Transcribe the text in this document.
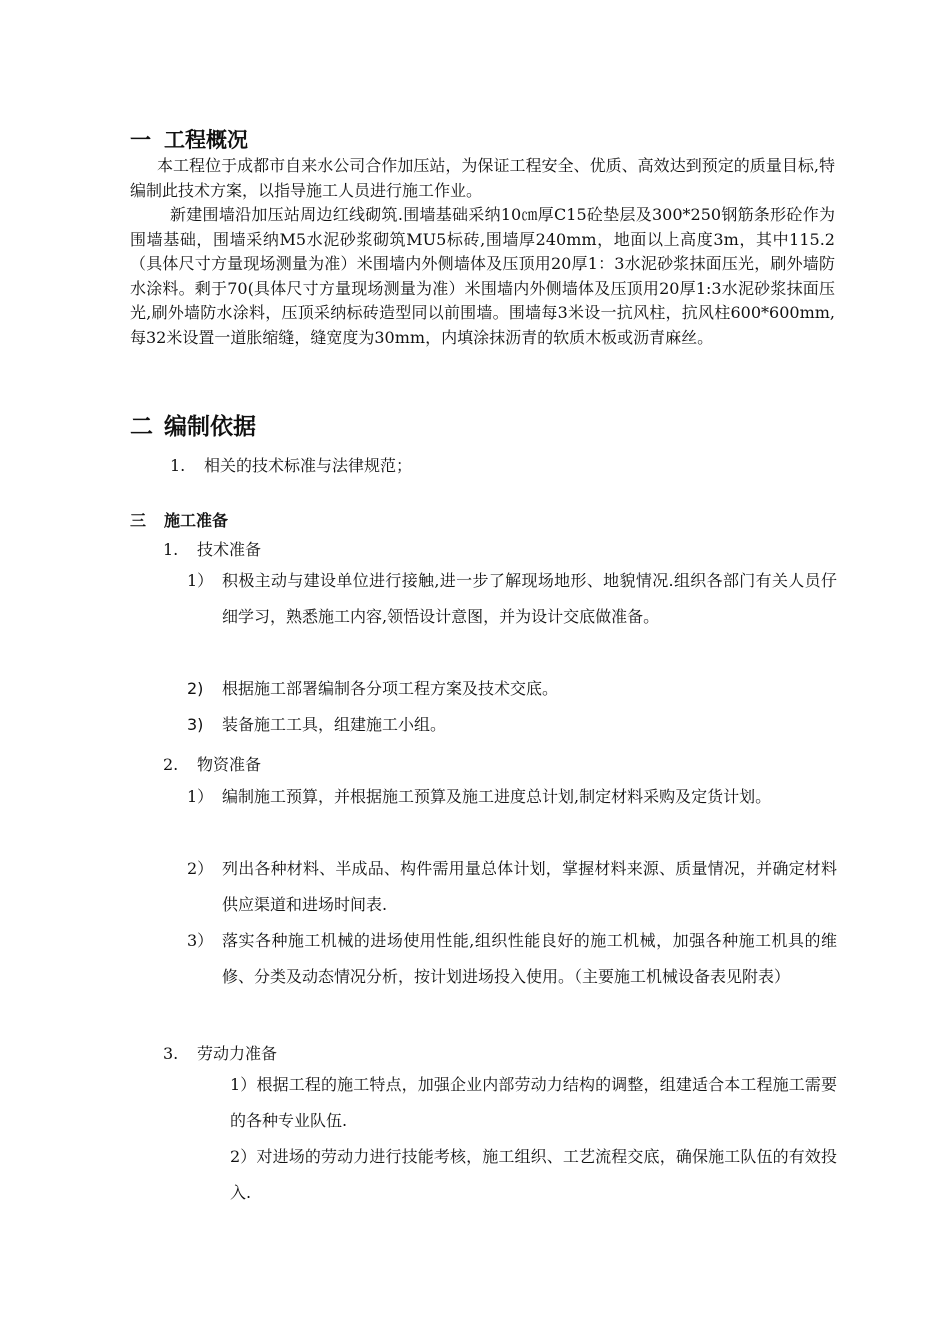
一 工程概况
本工程位于成都市自来水公司合作加压站，为保证工程安全、优质、高效达到预定的质量目标,特编制此技术方案，以指导施工人员进行施工作业。
新建围墙沿加压站周边红线砌筑.围墙基础采纳10㎝厚C15砼垫层及300*250钢筋条形砼作为围墙基础，围墙采纳M5水泥砂浆砌筑MU5标砖,围墙厚240mm，地面以上高度3m，其中115.2（具体尺寸方量现场测量为准）米围墙内外侧墙体及压顶用20厚1：3水泥砂浆抹面压光，刷外墙防水涂料。剩于70(具体尺寸方量现场测量为准）米围墙内外侧墙体及压顶用20厚1:3水泥砂浆抹面压光,刷外墙防水涂料，压顶采纳标砖造型同以前围墙。围墙每3米设一抗风柱，抗风柱600*600mm,每32米设置一道胀缩缝，缝宽度为30mm，内填涂抹沥青的软质木板或沥青麻丝。
二 编制依据
1. 相关的技术标准与法律规范；
三 施工准备
1. 技术准备
1） 积极主动与建设单位进行接触,进一步了解现场地形、地貌情况.组织各部门有关人员仔细学习，熟悉施工内容,领悟设计意图，并为设计交底做准备。
2)	根据施工部署编制各分项工程方案及技术交底。
3)	装备施工工具，组建施工小组。
2. 物资准备
1） 编制施工预算，并根据施工预算及施工进度总计划,制定材料采购及定货计划。
2） 列出各种材料、半成品、构件需用量总体计划，掌握材料来源、质量情况，并确定材料供应渠道和进场时间表.
3） 落实各种施工机械的进场使用性能,组织性能良好的施工机械，加强各种施工机具的维修、分类及动态情况分析，按计划进场投入使用。（主要施工机械设备表见附表）
3. 劳动力准备
1）根据工程的施工特点，加强企业内部劳动力结构的调整，组建适合本工程施工需要的各种专业队伍.
2）对进场的劳动力进行技能考核，施工组织、工艺流程交底，确保施工队伍的有效投入.
